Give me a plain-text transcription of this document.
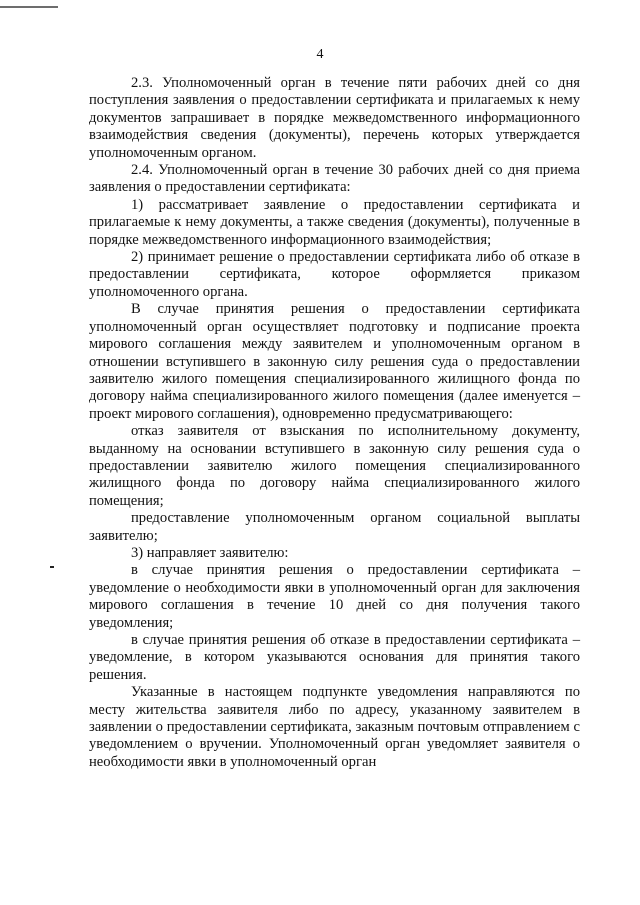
4

2.3. Уполномоченный орган в течение пяти рабочих дней со дня поступления заявления о предоставлении сертификата и прилагаемых к нему документов запрашивает в порядке межведомственного информационного взаимодействия сведения (документы), перечень которых утверждается уполномоченным органом.

2.4. Уполномоченный орган в течение 30 рабочих дней со дня приема заявления о предоставлении сертификата:

1) рассматривает заявление о предоставлении сертификата и прилагаемые к нему документы, а также сведения (документы), полученные в порядке межведомственного информационного взаимодействия;

2) принимает решение о предоставлении сертификата либо об отказе в предоставлении сертификата, которое оформляется приказом уполномоченного органа.

В случае принятия решения о предоставлении сертификата уполномоченный орган осуществляет подготовку и подписание проекта мирового соглашения между заявителем и уполномоченным органом в отношении вступившего в законную силу решения суда о предоставлении заявителю жилого помещения специализированного жилищного фонда по договору найма специализированного жилого помещения (далее именуется – проект мирового соглашения), одновременно предусматривающего:

отказ заявителя от взыскания по исполнительному документу, выданному на основании вступившего в законную силу решения суда о предоставлении заявителю жилого помещения специализированного жилищного фонда по договору найма специализированного жилого помещения;

предоставление уполномоченным органом социальной выплаты заявителю;

3) направляет заявителю:

в случае принятия решения о предоставлении сертификата – уведомление о необходимости явки в уполномоченный орган для заключения мирового соглашения в течение 10 дней со дня получения такого уведомления;

в случае принятия решения об отказе в предоставлении сертификата – уведомление, в котором указываются основания для принятия такого решения.

Указанные в настоящем подпункте уведомления направляются по месту жительства заявителя либо по адресу, указанному заявителем в заявлении о предоставлении сертификата, заказным почтовым отправлением с уведомлением о вручении. Уполномоченный орган уведомляет заявителя о необходимости явки в уполномоченный орган
